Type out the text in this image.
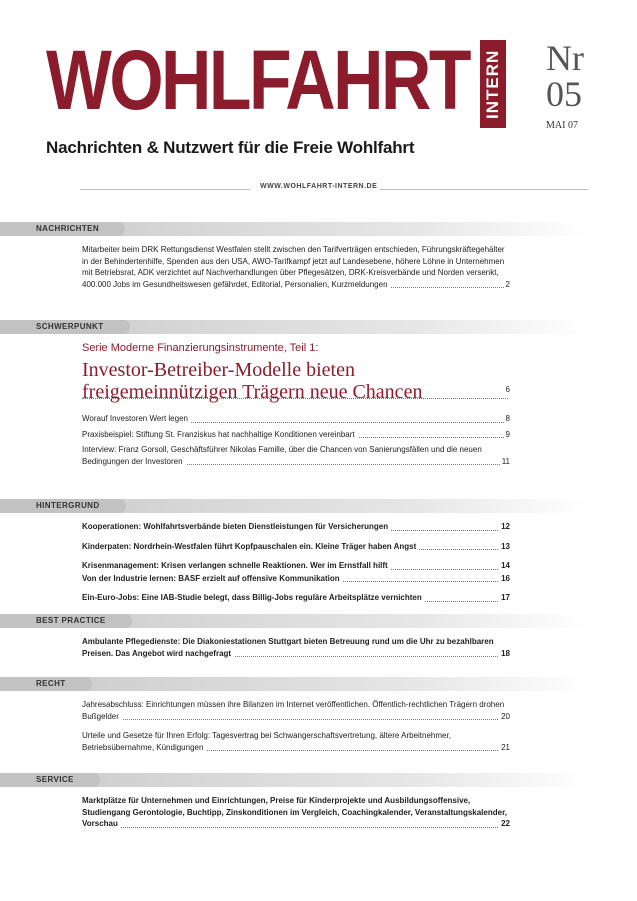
WOHLFAHRT INTERN Nr
05
MAI 07
Nachrichten & Nutzwert für die Freie Wohlfahrt
WWW.WOHLFAHRT-INTERN.DE
NACHRICHTEN
Mitarbeiter beim DRK Rettungsdienst Westfalen stellt zwischen den Tarifverträgen entschieden, Führungskräftegehälter in der Behindertenhilfe, Spenden aus den USA, AWO-Tarifkampf jetzt auf Landesebene, höhere Löhne in Unternehmen mit Betriebsrat, ADK verzichtet auf Nachverhandlungen über Pflegesätzen, DRK-Kreisverbände und Norden versenkt, 400.000 Jobs im Gesundheitswesen gefährdet, Editorial, Personalien, Kurzmeldungen	2
SCHWERPUNKT
Serie Moderne Finanzierungsinstrumente, Teil 1:
Investor-Betreiber-Modelle bieten freigemeinnützigen Trägern neue Chancen	6
Worauf Investoren Wert legen	8
Praxisbeispiel: Stiftung St. Franziskus hat nachhaltige Konditionen vereinbart	9
Interview: Franz Gorsoll, Geschäftsführer Nikolas Famille, über die Chancen von Sanierungsfällen und die neuen Bedingungen der Investoren	11
HINTERGRUND
Kooperationen: Wohlfahrtsverbände bieten Dienstleistungen für Versicherungen	12
Kinderpaten: Nordrhein-Westfalen führt Kopfpauschalen ein. Kleine Träger haben Angst	13
Krisenmanagement: Krisen verlangen schnelle Reaktionen. Wer im Ernstfall hilft	14
Von der Industrie lernen: BASF erzielt auf offensive Kommunikation	16
Ein-Euro-Jobs: Eine IAB-Studie belegt, dass Billig-Jobs reguläre Arbeitsplätze vernichten	17
BEST PRACTICE
Ambulante Pflegedienste: Die Diakoniestationen Stuttgart bieten Betreuung rund um die Uhr zu bezahlbaren Preisen. Das Angebot wird nachgefragt	18
RECHT
Jahresabschluss: Einrichtungen müssen ihre Bilanzen im Internet veröffentlichen. Öffentlich-rechtlichen Trägern drohen Bußgelder	20
Urteile und Gesetze für Ihren Erfolg: Tagesvertrag bei Schwangerschaftsvertretung, ältere Arbeitnehmer, Betriebsübernahme, Kündigungen	21
SERVICE
Marktplätze für Unternehmen und Einrichtungen, Preise für Kinderprojekte und Ausbildungsoffensive, Studiengang Gerontologie, Buchtipp, Zinskonditionen im Vergleich, Coachingkalender, Veranstaltungskalender, Vorschau	22
